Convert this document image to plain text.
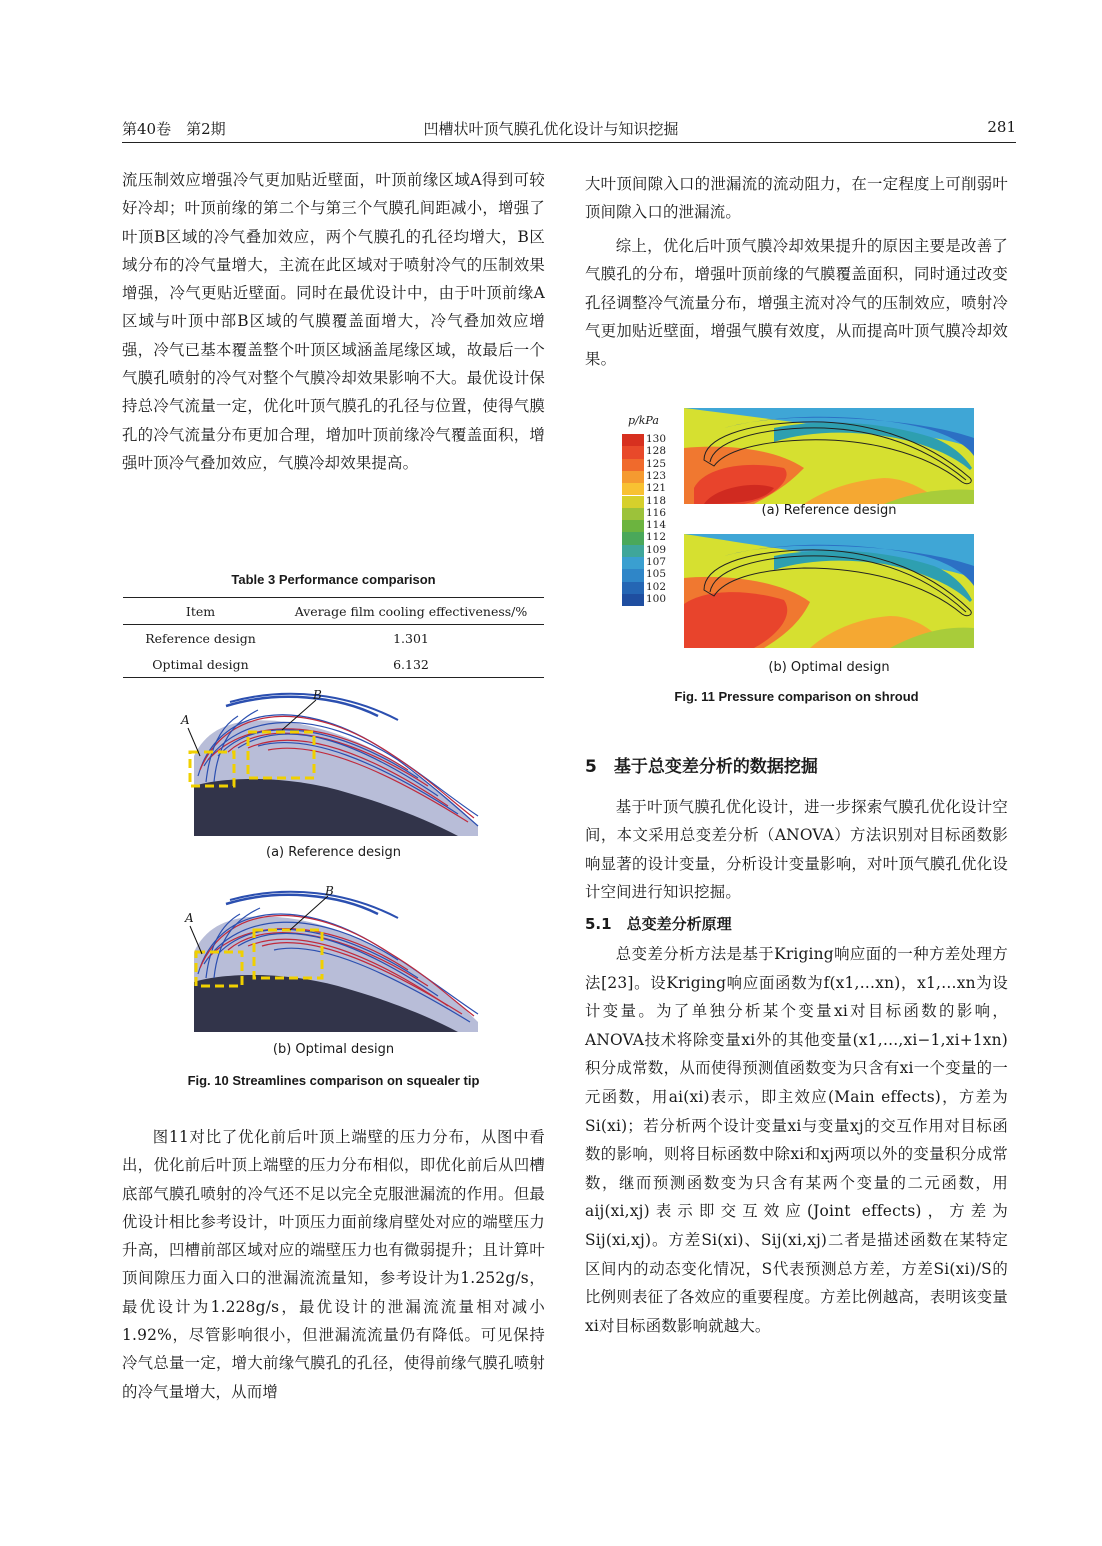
第40卷　第2期	凹槽状叶顶气膜孔优化设计与知识挖掘	281

流压制效应增强冷气更加贴近壁面，叶顶前缘区域A得到可较好冷却；叶顶前缘的第二个与第三个气膜孔间距减小，增强了叶顶B区域的冷气叠加效应，两个气膜孔的孔径均增大，B区域分布的冷气量增大，主流在此区域对于喷射冷气的压制效果增强，冷气更贴近壁面。同时在最优设计中，由于叶顶前缘A区域与叶顶中部B区域的气膜覆盖面增大，冷气叠加效应增强，冷气已基本覆盖整个叶顶区域涵盖尾缘区域，故最后一个气膜孔喷射的冷气对整个气膜冷却效果影响不大。最优设计保持总冷气流量一定，优化叶顶气膜孔的孔径与位置，使得气膜孔的冷气流量分布更加合理，增加叶顶前缘冷气覆盖面积，增强叶顶冷气叠加效应，气膜冷却效果提高。

Table 3 Performance comparison
Item	Average film cooling effectiveness/%
Reference design	1.301
Optimal design	6.132
A
B
(a) Reference design
A
B
(b) Optimal design
Fig. 10 Streamlines comparison on squealer tip

图11对比了优化前后叶顶上端壁的压力分布，从图中看出，优化前后叶顶上端壁的压力分布相似，即优化前后从凹槽底部气膜孔喷射的冷气还不足以完全克服泄漏流的作用。但最优设计相比参考设计，叶顶压力面前缘肩壁处对应的端壁压力升高，凹槽前部区域对应的端壁压力也有微弱提升；且计算叶顶间隙压力面入口的泄漏流流量知，参考设计为1.252g/s，最优设计为1.228g/s，最优设计的泄漏流流量相对减小1.92%，尽管影响很小，但泄漏流流量仍有降低。可见保持冷气总量一定，增大前缘气膜孔的孔径，使得前缘气膜孔喷射的冷气量增大，从而增

大叶顶间隙入口的泄漏流的流动阻力，在一定程度上可削弱叶顶间隙入口的泄漏流。

综上，优化后叶顶气膜冷却效果提升的原因主要是改善了气膜孔的分布，增强叶顶前缘的气膜覆盖面积，同时通过改变孔径调整冷气流量分布，增强主流对冷气的压制效应，喷射冷气更加贴近壁面，增强气膜有效度，从而提高叶顶气膜冷却效果。

p/kPa
130
128
125
123
121
118
116
114
112
109
107
105
102
100
(a) Reference design
(b) Optimal design
Fig. 11 Pressure comparison on shroud
5　基于总变差分析的数据挖掘

基于叶顶气膜孔优化设计，进一步探索气膜孔优化设计空间，本文采用总变差分析（ANOVA）方法识别对目标函数影响显著的设计变量，分析设计变量影响，对叶顶气膜孔优化设计空间进行知识挖掘。

5.1　总变差分析原理

总变差分析方法是基于Kriging响应面的一种方差处理方法[23]。设Kriging响应面函数为f(x1,…xn)，x1,…xn为设计变量。为了单独分析某个变量xi对目标函数的影响，ANOVA技术将除变量xi外的其他变量(x1,…,xi−1,xi+1xn)积分成常数，从而使得预测值函数变为只含有xi一个变量的一元函数，用ai(xi)表示，即主效应(Main effects)，方差为Si(xi)；若分析两个设计变量xi与变量xj的交互作用对目标函数的影响，则将目标函数中除xi和xj两项以外的变量积分成常数，继而预测函数变为只含有某两个变量的二元函数，用aij(xi,xj)表示即交互效应(Joint effects)，方差为Sij(xi,xj)。方差Si(xi)、Sij(xi,xj)二者是描述函数在某特定区间内的动态变化情况，S代表预测总方差，方差Si(xi)/S的比例则表征了各效应的重要程度。方差比例越高，表明该变量xi对目标函数影响就越大。
